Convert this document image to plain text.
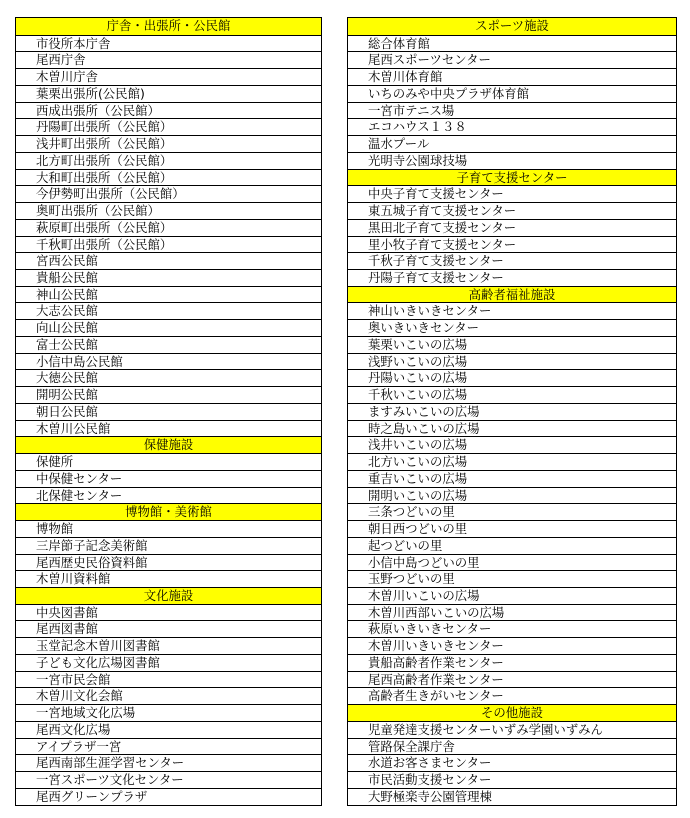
庁舎・出張所・公民館
市役所本庁舎
尾西庁舎
木曽川庁舎
葉栗出張所(公民館)
西成出張所（公民館）
丹陽町出張所（公民館）
浅井町出張所（公民館）
北方町出張所（公民館）
大和町出張所（公民館）
今伊勢町出張所（公民館）
奥町出張所（公民館）
萩原町出張所（公民館）
千秋町出張所（公民館）
宮西公民館
貴船公民館
神山公民館
大志公民館
向山公民館
富士公民館
小信中島公民館
大徳公民館
開明公民館
朝日公民館
木曽川公民館
保健施設
保健所
中保健センター
北保健センター
博物館・美術館
博物館
三岸節子記念美術館
尾西歴史民俗資料館
木曽川資料館
文化施設
中央図書館
尾西図書館
玉堂記念木曽川図書館
子ども文化広場図書館
一宮市民会館
木曽川文化会館
一宮地域文化広場
尾西文化広場
アイプラザ一宮
尾西南部生涯学習センター
一宮スポーツ文化センター
尾西グリーンプラザ
スポーツ施設
総合体育館
尾西スポーツセンター
木曽川体育館
いちのみや中央プラザ体育館
一宮市テニス場
エコハウス１３８
温水プール
光明寺公園球技場
子育て支援センター
中央子育て支援センター
東五城子育て支援センター
黒田北子育て支援センター
里小牧子育て支援センター
千秋子育て支援センター
丹陽子育て支援センター
高齢者福祉施設
神山いきいきセンター
奥いきいきセンター
葉栗いこいの広場
浅野いこいの広場
丹陽いこいの広場
千秋いこいの広場
ますみいこいの広場
時之島いこいの広場
浅井いこいの広場
北方いこいの広場
重吉いこいの広場
開明いこいの広場
三条つどいの里
朝日西つどいの里
起つどいの里
小信中島つどいの里
玉野つどいの里
木曽川いこいの広場
木曽川西部いこいの広場
萩原いきいきセンター
木曽川いきいきセンター
貴船高齢者作業センター
尾西高齢者作業センター
高齢者生きがいセンター
その他施設
児童発達支援センターいずみ学園いずみん
管路保全課庁舎
水道お客さまセンター
市民活動支援センター
大野極楽寺公園管理棟
